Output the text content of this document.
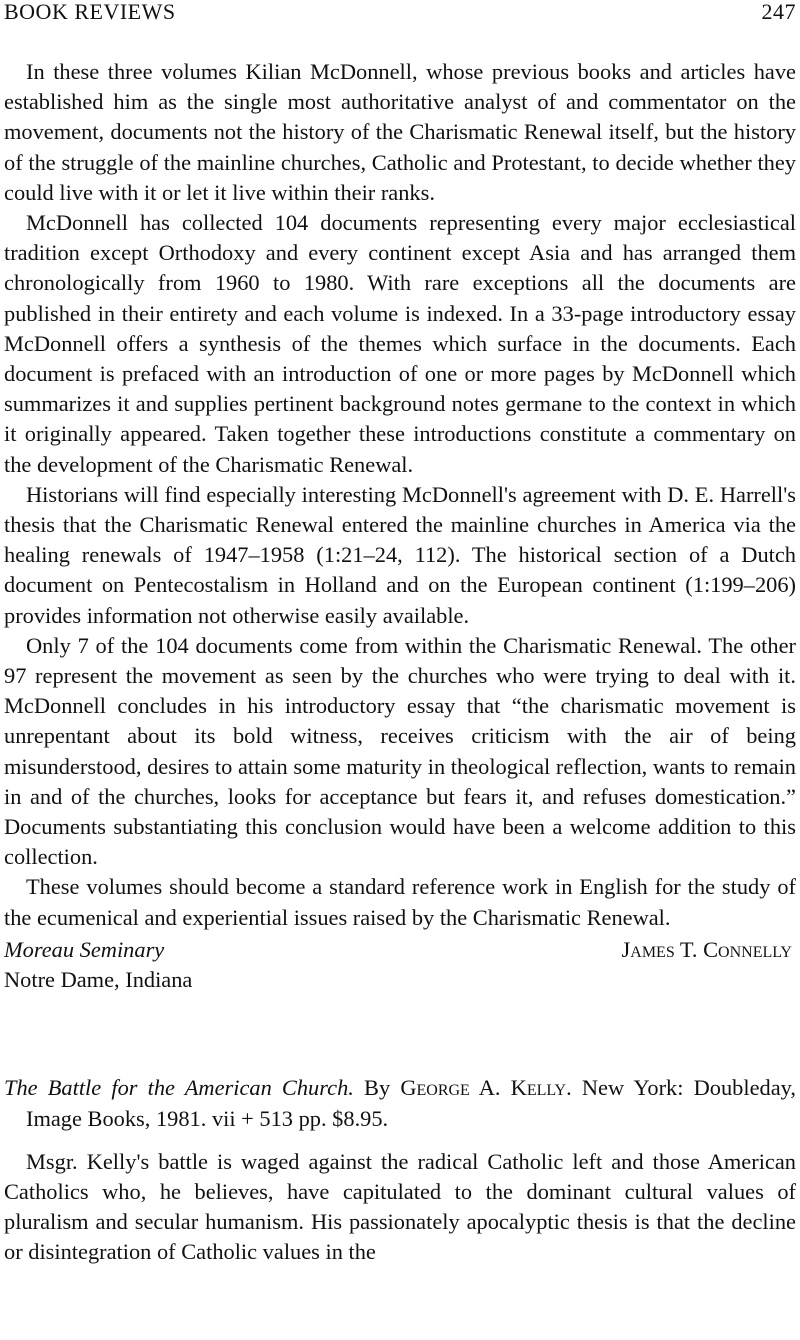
BOOK REVIEWS	247

In these three volumes Kilian McDonnell, whose previous books and articles have established him as the single most authoritative analyst of and commentator on the movement, documents not the history of the Charismatic Renewal itself, but the history of the struggle of the mainline churches, Catholic and Protestant, to decide whether they could live with it or let it live within their ranks.

McDonnell has collected 104 documents representing every major ecclesiastical tradition except Orthodoxy and every continent except Asia and has arranged them chronologically from 1960 to 1980. With rare exceptions all the documents are published in their entirety and each volume is indexed. In a 33-page introductory essay McDonnell offers a synthesis of the themes which surface in the documents. Each document is prefaced with an introduction of one or more pages by McDonnell which summarizes it and supplies pertinent background notes germane to the context in which it originally appeared. Taken together these introductions constitute a commentary on the development of the Charismatic Renewal.

Historians will find especially interesting McDonnell's agreement with D. E. Harrell's thesis that the Charismatic Renewal entered the mainline churches in America via the healing renewals of 1947–1958 (1:21–24, 112). The historical section of a Dutch document on Pentecostalism in Holland and on the European continent (1:199–206) provides information not otherwise easily available.

Only 7 of the 104 documents come from within the Charismatic Renewal. The other 97 represent the movement as seen by the churches who were trying to deal with it. McDonnell concludes in his introductory essay that “the charismatic movement is unrepentant about its bold witness, receives criticism with the air of being misunderstood, desires to attain some maturity in theological reflection, wants to remain in and of the churches, looks for acceptance but fears it, and refuses domestication.” Documents substantiating this conclusion would have been a welcome addition to this collection.

These volumes should become a standard reference work in English for the study of the ecumenical and experiential issues raised by the Charismatic Renewal.

Moreau Seminary	James T. Connelly
Notre Dame, Indiana
The Battle for the American Church. By George A. Kelly. New York: Doubleday, Image Books, 1981. vii + 513 pp. $8.95.

Msgr. Kelly's battle is waged against the radical Catholic left and those American Catholics who, he believes, have capitulated to the dominant cultural values of pluralism and secular humanism. His passionately apocalyptic thesis is that the decline or disintegration of Catholic values in the
